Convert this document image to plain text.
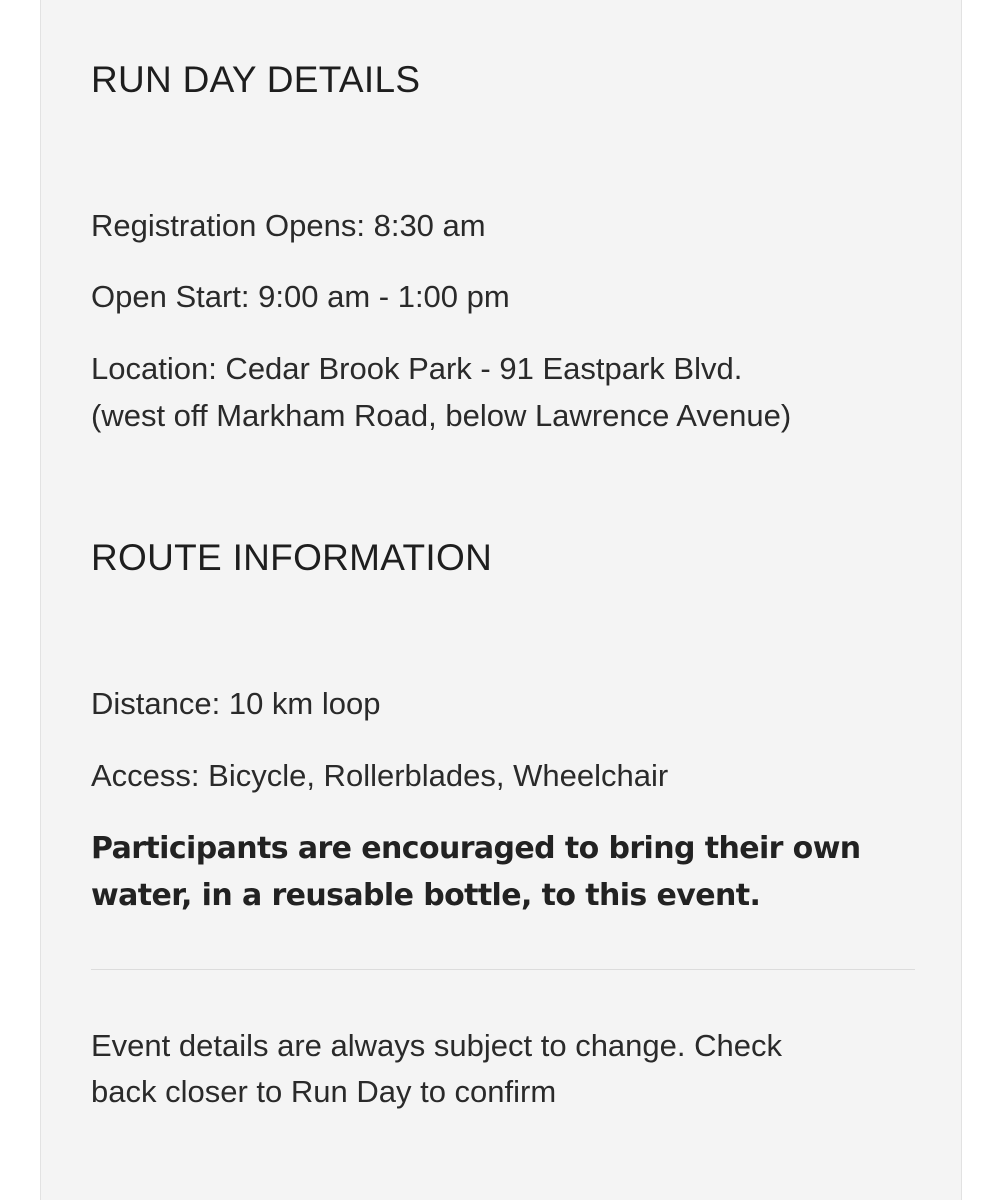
RUN DAY DETAILS
Registration Opens: 8:30 am
Open Start: 9:00 am - 1:00 pm
Location: Cedar Brook Park - 91 Eastpark Blvd.
(west off Markham Road, below Lawrence Avenue)
ROUTE INFORMATION
Distance: 10 km loop
Access: Bicycle, Rollerblades, Wheelchair
Participants are encouraged to bring their own
water, in a reusable bottle, to this event.
Event details are always subject to change. Check
back closer to Run Day to confirm
